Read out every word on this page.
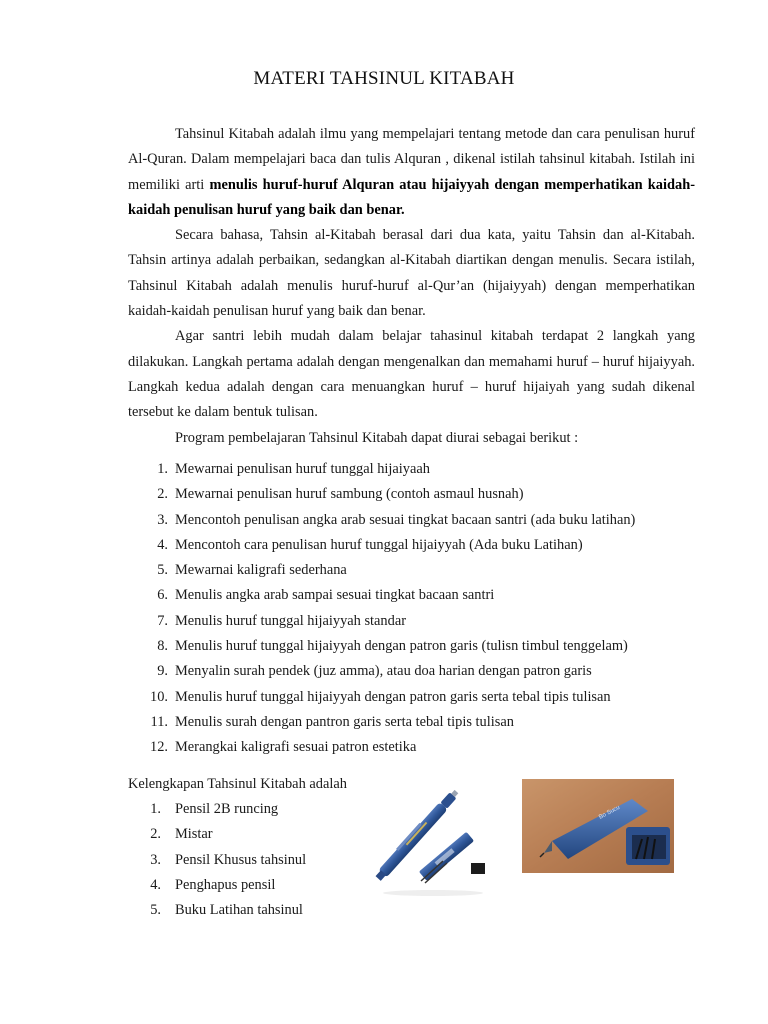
MATERI TAHSINUL KITABAH

Tahsinul Kitabah adalah ilmu yang mempelajari tentang metode dan cara penulisan huruf Al-Quran. Dalam mempelajari baca dan tulis Alquran , dikenal istilah tahsinul kitabah. Istilah ini memiliki arti menulis huruf-huruf Alquran atau hijaiyyah dengan memperhatikan kaidah-kaidah penulisan huruf yang baik dan benar.

Secara bahasa, Tahsin al-Kitabah berasal dari dua kata, yaitu Tahsin dan al-Kitabah. Tahsin artinya adalah perbaikan, sedangkan al-Kitabah diartikan dengan menulis. Secara istilah, Tahsinul Kitabah adalah menulis huruf-huruf al-Qur’an (hijaiyyah) dengan memperhatikan kaidah-kaidah penulisan huruf yang baik dan benar.

Agar santri lebih mudah dalam belajar tahasinul kitabah terdapat 2 langkah yang dilakukan. Langkah pertama adalah dengan mengenalkan dan memahami huruf – huruf hijaiyyah. Langkah kedua adalah dengan cara menuangkan huruf – huruf hijaiyah yang sudah dikenal tersebut ke dalam bentuk tulisan.

Program pembelajaran Tahsinul Kitabah dapat diurai sebagai berikut :

1. Mewarnai penulisan huruf tunggal hijaiyaah
2. Mewarnai penulisan huruf sambung (contoh asmaul husnah)
3. Mencontoh penulisan angka arab sesuai tingkat bacaan santri (ada buku latihan)
4. Mencontoh cara penulisan huruf tunggal hijaiyyah (Ada buku Latihan)
5. Mewarnai kaligrafi sederhana
6. Menulis angka arab sampai sesuai tingkat bacaan santri
7. Menulis huruf tunggal hijaiyyah standar
8. Menulis huruf tunggal hijaiyyah dengan patron garis (tulisn timbul tenggelam)
9. Menyalin surah pendek (juz amma), atau doa harian dengan patron garis
10. Menulis huruf tunggal hijaiyyah dengan patron garis serta tebal tipis tulisan
11. Menulis surah dengan pantron garis serta tebal tipis tulisan
12. Merangkai kaligrafi sesuai patron estetika
Kelengkapan Tahsinul Kitabah adalah
1. Pensil 2B runcing
2. Mistar
3. Pensil Khusus tahsinul
4. Penghapus pensil
5. Buku Latihan tahsinul
Bo Sucu
